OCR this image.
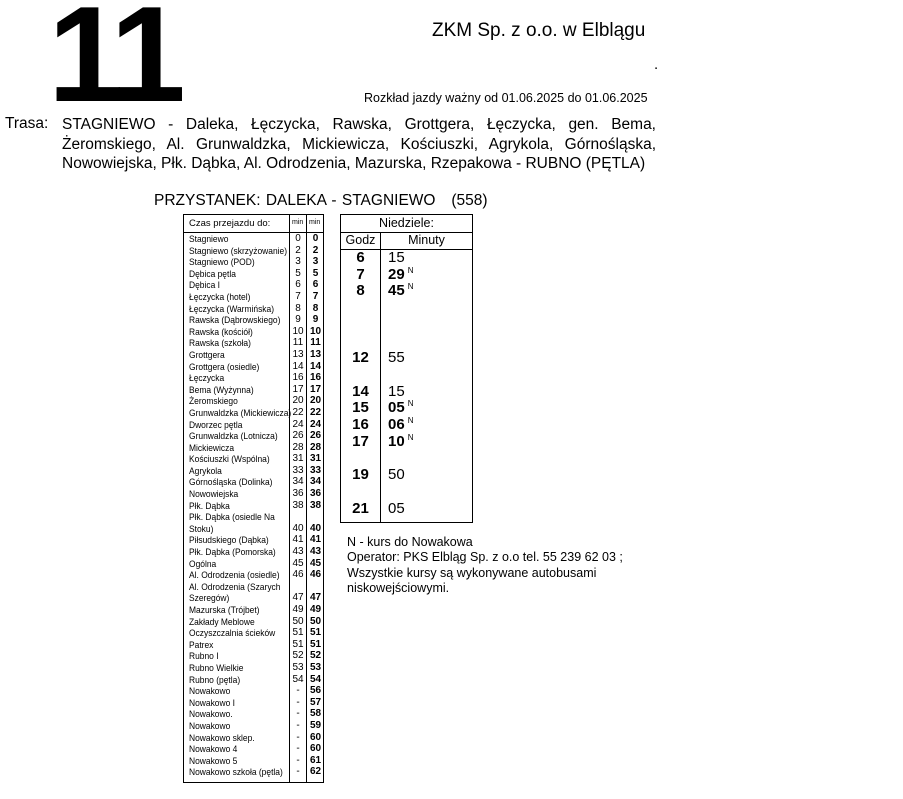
11	ZKM Sp. z o.o. w Elblągu
.
Rozkład jazdy ważny od 01.06.2025 do 01.06.2025
Trasa: STAGNIEWO - Daleka, Łęczycka, Rawska, Grottgera, Łęczycka, gen. Bema, Żeromskiego, Al. Grunwaldzka, Mickiewicza, Kościuszki, Agrykola, Górnośląska, Nowowiejska, Płk. Dąbka, Al. Odrodzenia, Mazurska, Rzepakowa - RUBNO (PĘTLA)
PRZYSTANEK: DALEKA - STAGNIEWO   (558)
Czas przejazdu do:	min min
Stagniewo	0	0
Stagniewo (skrzyżowanie) 2	2
Stagniewo (POD)	3	3
Dębica pętla	5	5
Dębica I	6	6
Łęczycka (hotel)	7	7
Łęczycka (Warmińska)	8	8
Rawska (Dąbrowskiego)	9	9
Rawska (kościół)	10 10
Rawska (szkoła)	11 11
Grottgera	13 13
Grottgera (osiedle)	14 14
Łęczycka	16 16
Bema (Wyżynna)	17 17
Żeromskiego	20 20
Grunwaldzka (Mickiewicza) 22 22
Dworzec pętla	24 24
Grunwaldzka (Lotnicza) 26 26
Mickiewicza	28 28
Kościuszki (Wspólna)	31 31
Agrykola	33 33
Górnośląska (Dolinka)	34 34
Nowowiejska	36 36
Płk. Dąbka	38 38
Płk. Dąbka (osiedle Na
Stoku)	40 40
Piłsudskiego (Dąbka)	41 41
Płk. Dąbka (Pomorska)	43 43
Ogólna	45 45
Al. Odrodzenia (osiedle) 46 46
Al. Odrodzenia (Szarych
Szeregów)	47 47
Mazurska (Trójbet)	49 49
Zakłady Meblowe	50 50
Oczyszczalnia ścieków	51 51
Patrex	51 51
Rubno I	52 52
Rubno Wielkie	53 53
Rubno (pętla)	54 54
Nowakowo	-	56
Nowakowo I	-	57
Nowakowo.	-	58
Nowakowo	-	59
Nowakowo sklep.	-	60
Nowakowo 4	-	60
Nowakowo 5	-	61
Nowakowo szkoła (pętla)	-	62
Niedziele:
Godz	Minuty
6	15
7	29 $^N$
8	45 $^N$
12	55
14	15
15	05 $^N$
16	06 $^N$
17	10 $^N$
19	50
21	05
N - kurs do Nowakowa
Operator: PKS Elbląg Sp. z o.o tel. 55 239 62 03 ;
Wszystkie kursy są wykonywane autobusami niskowejściowymi.
